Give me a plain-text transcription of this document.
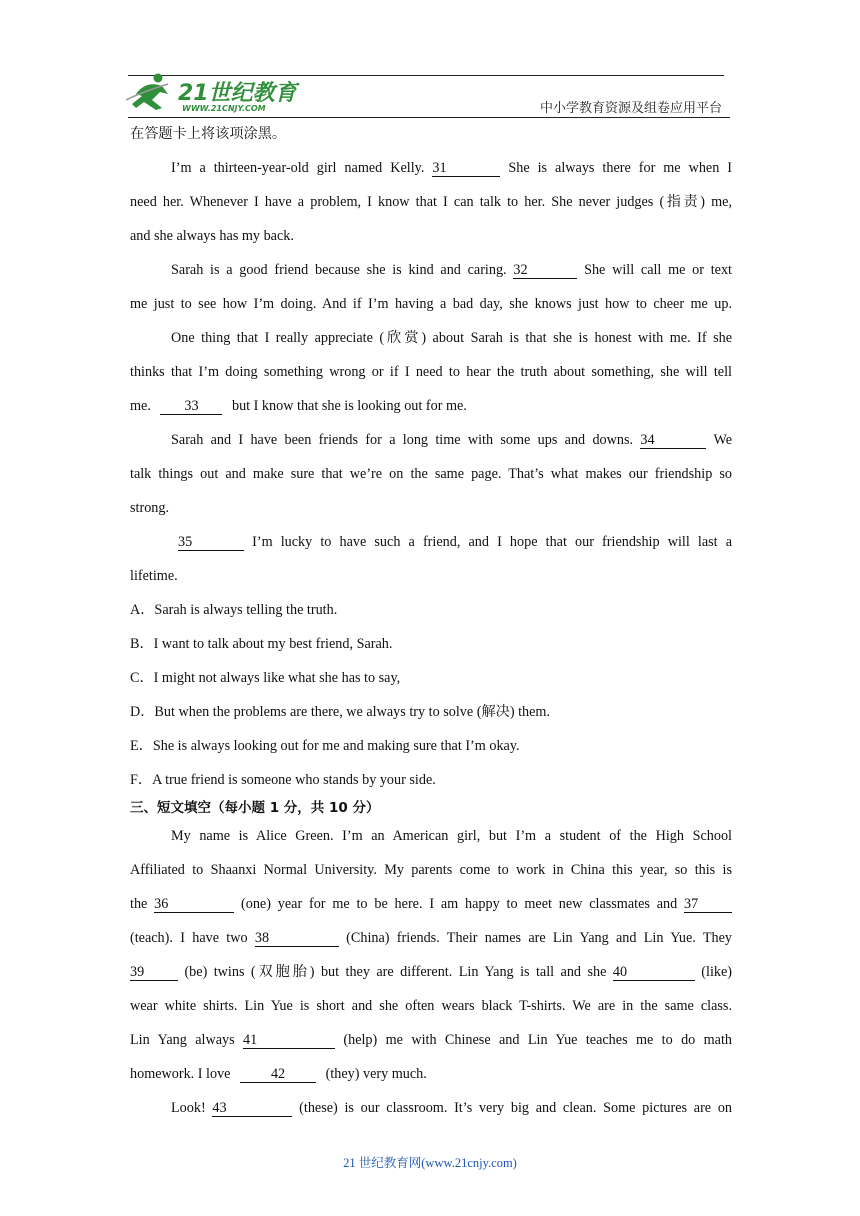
21世纪教育
WWW.21CNJY.COM	中小学教育资源及组卷应用平台
在答题卡上将该项涂黑。
I’m a thirteen-year-old girl named Kelly. 31	She is always there for me when I
need her. Whenever I have a problem, I know that I can talk to her. She never judges (指责) me,
and she always has my back.
Sarah is a good friend because she is kind and caring. 32	She will call me or text
me just to see how I’m doing. And if I’m having a bad day, she knows just how to cheer me up.
One thing that I really appreciate (欣赏) about Sarah is that she is honest with me. If she
thinks that I’m doing something wrong or if I need to hear the truth about something, she will tell
me. 33 but I know that she is looking out for me.
Sarah and I have been friends for a long time with some ups and downs. 34	We
talk things out and make sure that we’re on the same page. That’s what makes our friendship so
strong.
35	I’m lucky to have such a friend, and I hope that our friendship will last a
lifetime.
A．Sarah is always telling the truth.
B．I want to talk about my best friend, Sarah.
C．I might not always like what she has to say,
D．But when the problems are there, we always try to solve (解决) them.
E．She is always looking out for me and making sure that I’m okay.
F．A true friend is someone who stands by your side.
三、短文填空（每小题 1 分，共 10 分）
My name is Alice Green. I’m an American girl, but I’m a student of the High School
Affiliated to Shaanxi Normal University. My parents come to work in China this year, so this is
the 36	(one) year for me to be here. I am happy to meet new classmates and 37
(teach). I have two 38	(China) friends. Their names are Lin Yang and Lin Yue. They
39	(be) twins (双胞胎) but they are different. Lin Yang is tall and she 40	(like)
wear white shirts. Lin Yue is short and she often wears black T-shirts. We are in the same class.
Lin Yang always 41	(help) me with Chinese and Lin Yue teaches me to do math
homework. I love	42	(they) very much.
Look! 43	(these) is our classroom. It’s very big and clean. Some pictures are on
21 世纪教育网(www.21cnjy.com)
